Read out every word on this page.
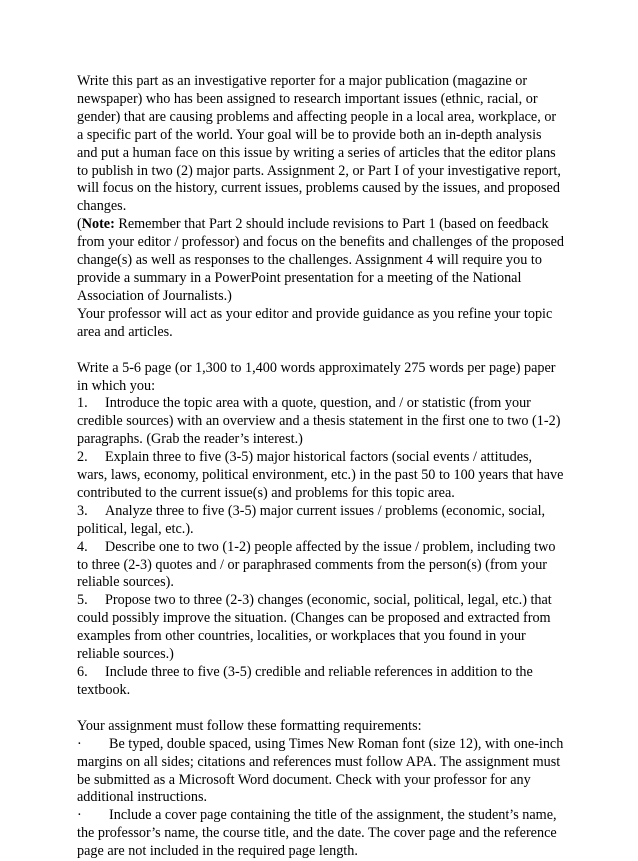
Write this part as an investigative reporter for a major publication (magazine or newspaper) who has been assigned to research important issues (ethnic, racial, or gender) that are causing problems and affecting people in a local area, workplace, or a specific part of the world. Your goal will be to provide both an in-depth analysis and put a human face on this issue by writing a series of articles that the editor plans to publish in two (2) major parts. Assignment 2, or Part I of your investigative report, will focus on the history, current issues, problems caused by the issues, and proposed changes.

(Note: Remember that Part 2 should include revisions to Part 1 (based on feedback from your editor / professor) and focus on the benefits and challenges of the proposed change(s) as well as responses to the challenges. Assignment 4 will require you to provide a summary in a PowerPoint presentation for a meeting of the National Association of Journalists.)

Your professor will act as your editor and provide guidance as you refine your topic area and articles.

Write a 5-6 page (or 1,300 to 1,400 words approximately 275 words per page) paper in which you:

1. Introduce the topic area with a quote, question, and / or statistic (from your credible sources) with an overview and a thesis statement in the first one to two (1-2) paragraphs. (Grab the reader’s interest.)

2. Explain three to five (3-5) major historical factors (social events / attitudes, wars, laws, economy, political environment, etc.) in the past 50 to 100 years that have contributed to the current issue(s) and problems for this topic area.

3. Analyze three to five (3-5) major current issues / problems (economic, social, political, legal, etc.).

4. Describe one to two (1-2) people affected by the issue / problem, including two to three (2-3) quotes and / or paraphrased comments from the person(s) (from your reliable sources).

5. Propose two to three (2-3) changes (economic, social, political, legal, etc.) that could possibly improve the situation. (Changes can be proposed and extracted from examples from other countries, localities, or workplaces that you found in your reliable sources.)

6. Include three to five (3-5) credible and reliable references in addition to the textbook.

Your assignment must follow these formatting requirements:

· Be typed, double spaced, using Times New Roman font (size 12), with one-inch margins on all sides; citations and references must follow APA. The assignment must be submitted as a Microsoft Word document. Check with your professor for any additional instructions.

· Include a cover page containing the title of the assignment, the student’s name, the professor’s name, the course title, and the date. The cover page and the reference page are not included in the required page length.
